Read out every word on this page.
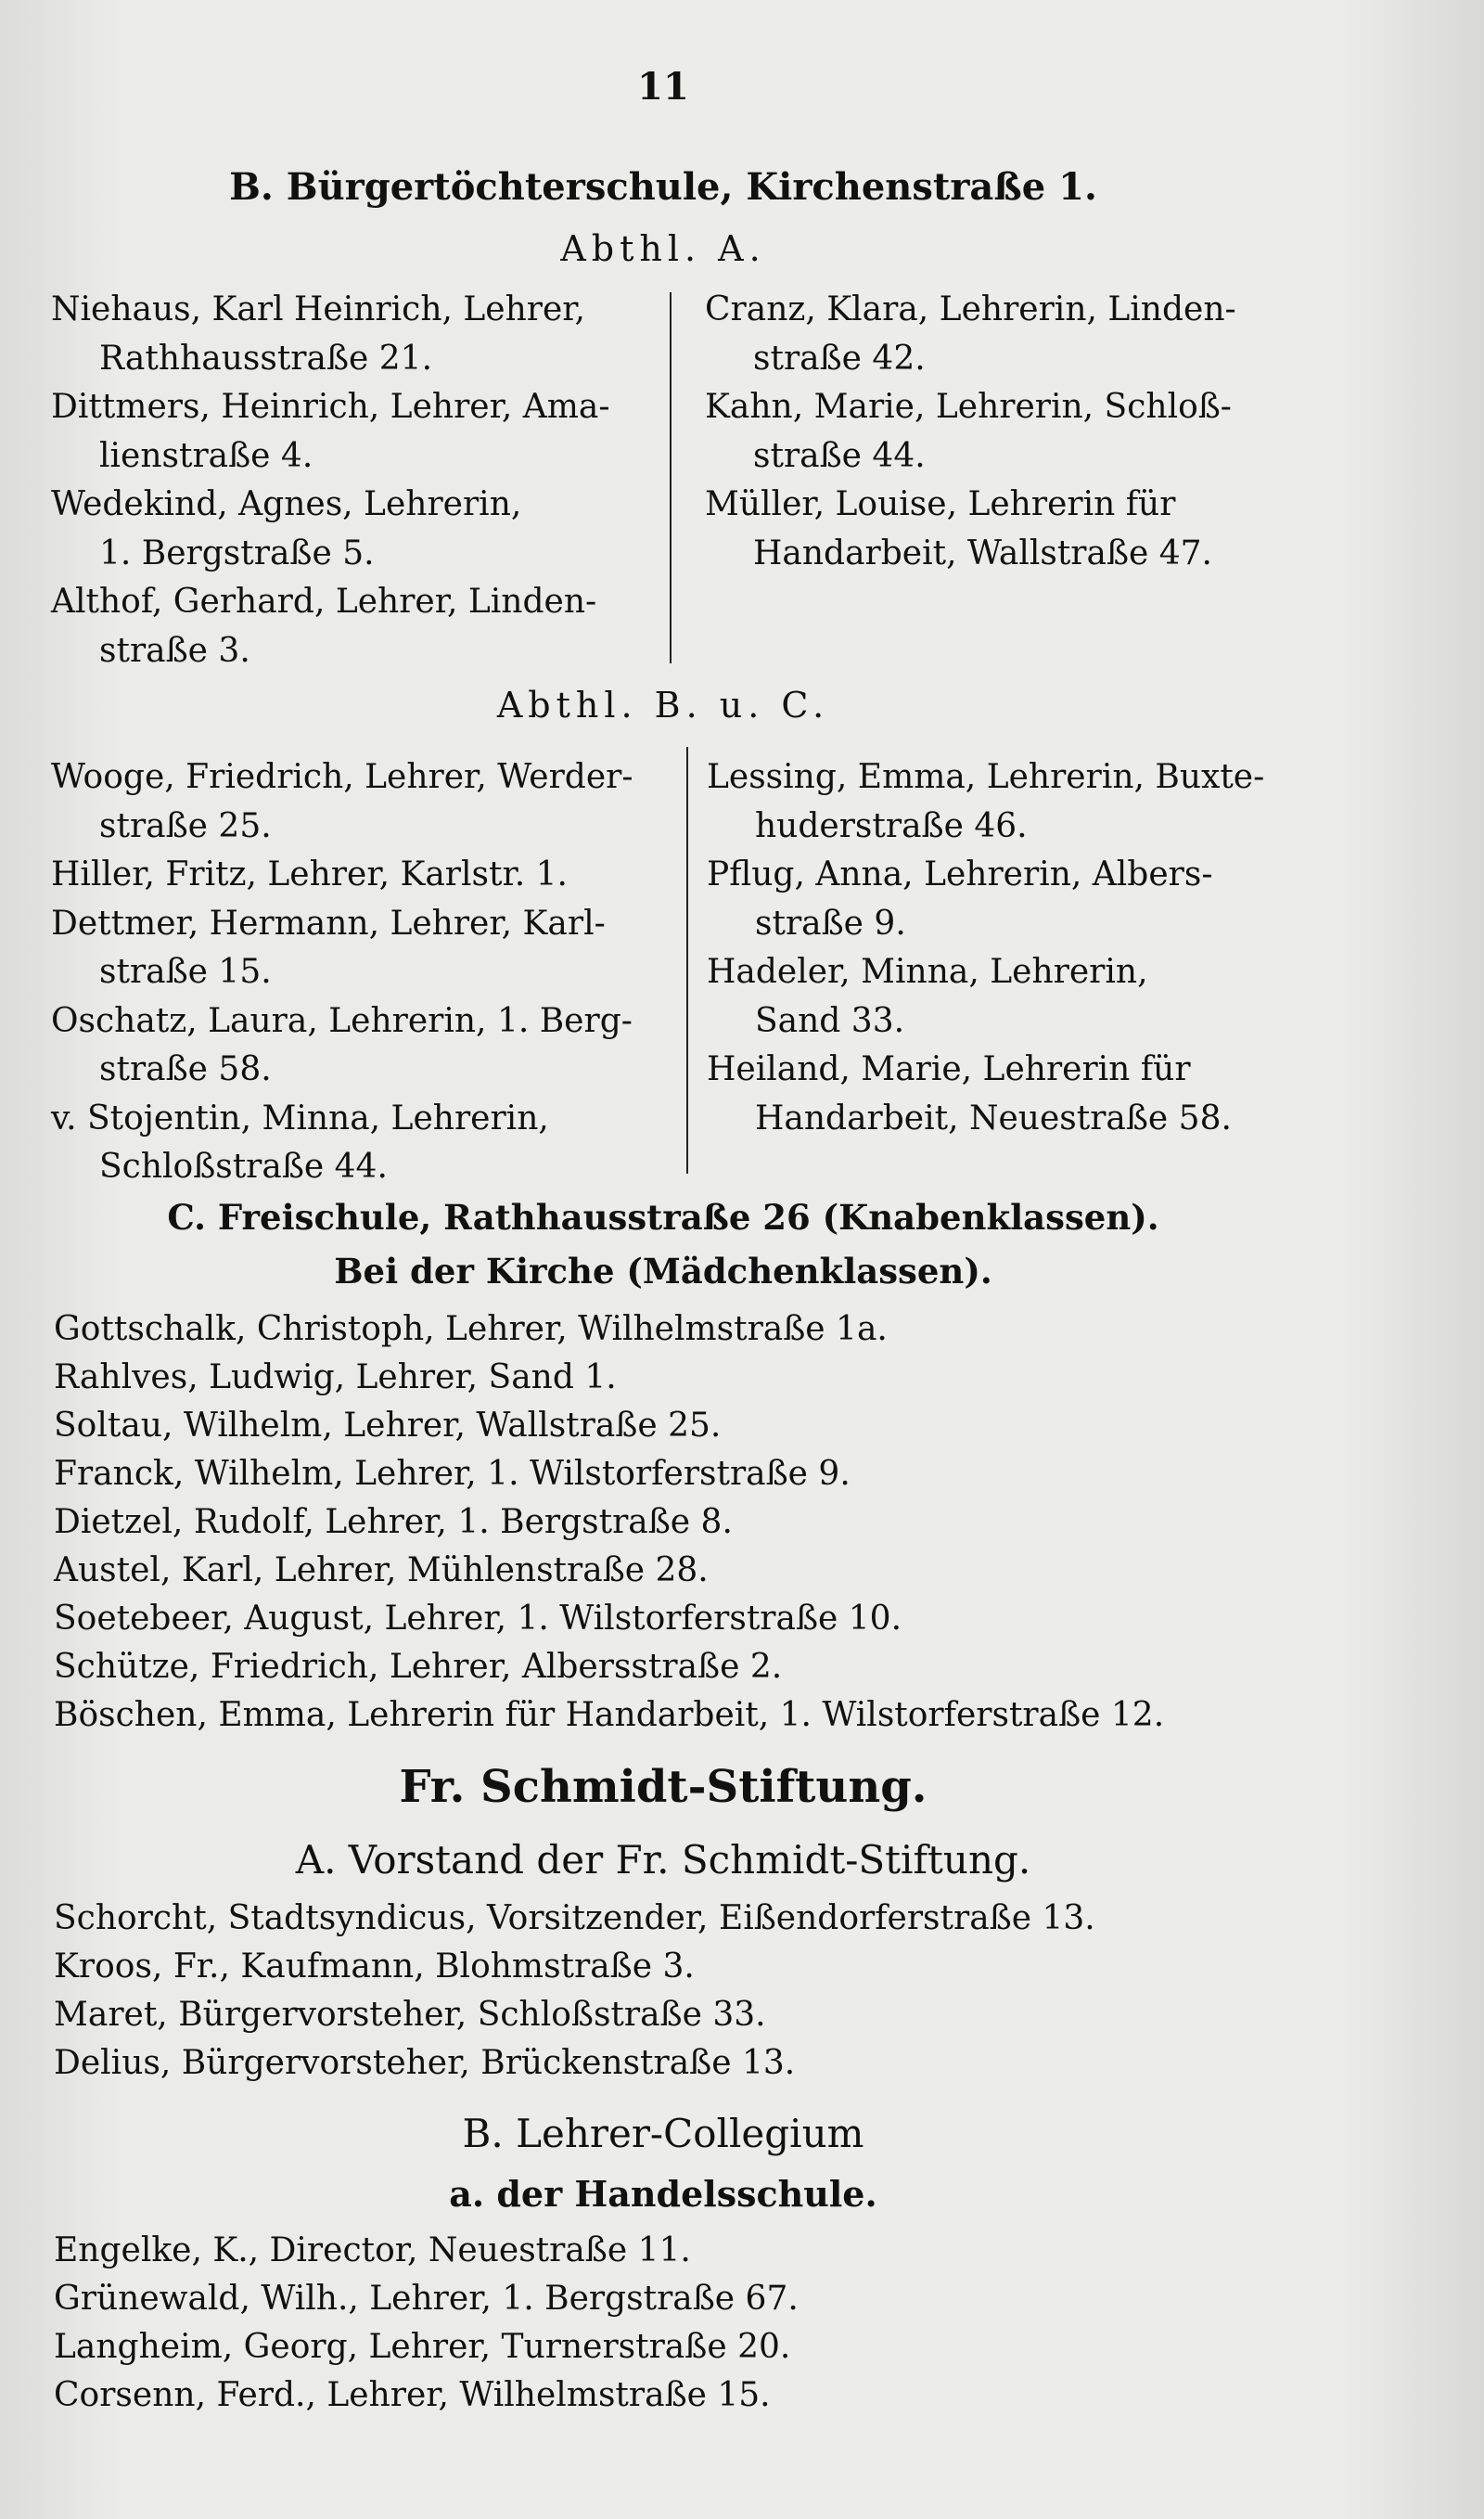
11
B. Bürgertöchterschule, Kirchenstraße 1.
Abthl. A.
Niehaus, Karl Heinrich, Lehrer,
Rathhausstraße 21.
Dittmers, Heinrich, Lehrer, Ama-
lienstraße 4.
Wedekind, Agnes, Lehrerin,
1. Bergstraße 5.
Althof, Gerhard, Lehrer, Linden-
straße 3.
Cranz, Klara, Lehrerin, Linden-
straße 42.
Kahn, Marie, Lehrerin, Schloß-
straße 44.
Müller, Louise, Lehrerin für
Handarbeit, Wallstraße 47.
Abthl. B. u. C.
Wooge, Friedrich, Lehrer, Werder-
straße 25.
Hiller, Fritz, Lehrer, Karlstr. 1.
Dettmer, Hermann, Lehrer, Karl-
straße 15.
Oschatz, Laura, Lehrerin, 1. Berg-
straße 58.
v. Stojentin, Minna, Lehrerin,
Schloßstraße 44.
Lessing, Emma, Lehrerin, Buxte-
huderstraße 46.
Pflug, Anna, Lehrerin, Albers-
straße 9.
Hadeler, Minna, Lehrerin,
Sand 33.
Heiland, Marie, Lehrerin für
Handarbeit, Neuestraße 58.
C. Freischule, Rathhausstraße 26 (Knabenklassen).
Bei der Kirche (Mädchenklassen).
Gottschalk, Christoph, Lehrer, Wilhelmstraße 1a.
Rahlves, Ludwig, Lehrer, Sand 1.
Soltau, Wilhelm, Lehrer, Wallstraße 25.
Franck, Wilhelm, Lehrer, 1. Wilstorferstraße 9.
Dietzel, Rudolf, Lehrer, 1. Bergstraße 8.
Austel, Karl, Lehrer, Mühlenstraße 28.
Soetebeer, August, Lehrer, 1. Wilstorferstraße 10.
Schütze, Friedrich, Lehrer, Albersstraße 2.
Böschen, Emma, Lehrerin für Handarbeit, 1. Wilstorferstraße 12.
Fr. Schmidt-Stiftung.
A. Vorstand der Fr. Schmidt-Stiftung.
Schorcht, Stadtsyndicus, Vorsitzender, Eißendorferstraße 13.
Kroos, Fr., Kaufmann, Blohmstraße 3.
Maret, Bürgervorsteher, Schloßstraße 33.
Delius, Bürgervorsteher, Brückenstraße 13.
B. Lehrer-Collegium
a. der Handelsschule.
Engelke, K., Director, Neuestraße 11.
Grünewald, Wilh., Lehrer, 1. Bergstraße 67.
Langheim, Georg, Lehrer, Turnerstraße 20.
Corsenn, Ferd., Lehrer, Wilhelmstraße 15.
